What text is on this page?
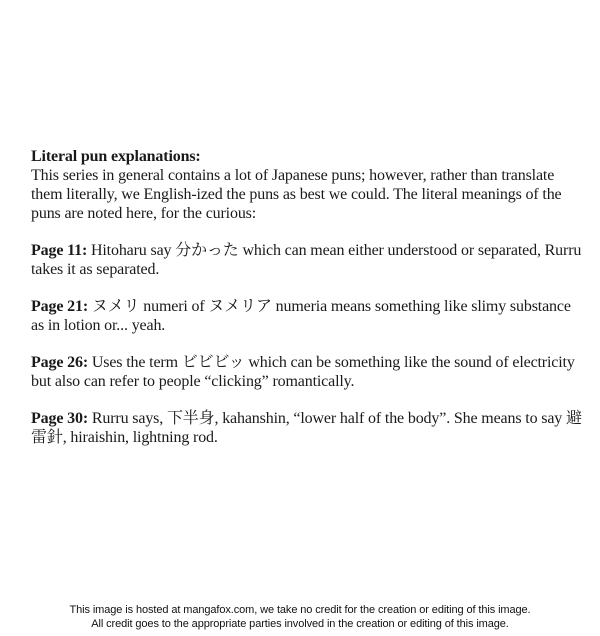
Literal pun explanations:

This series in general contains a lot of Japanese puns; however, rather than translate them literally, we English-ized the puns as best we could. The literal meanings of the puns are noted here, for the curious:

Page 11: Hitoharu say 分かった which can mean either understood or separated, Rurru takes it as separated.

Page 21: ヌメリ numeri of ヌメリア numeria means something like slimy substance as in lotion or... yeah.

Page 26: Uses the term ビビビッ which can be something like the sound of electricity but also can refer to people “clicking” romantically.

Page 30: Rurru says, 下半身, kahanshin, “lower half of the body”. She means to say 避雷針, hiraishin, lightning rod.

This image is hosted at mangafox.com, we take no credit for the creation or editing of this image.

All credit goes to the appropriate parties involved in the creation or editing of this image.
